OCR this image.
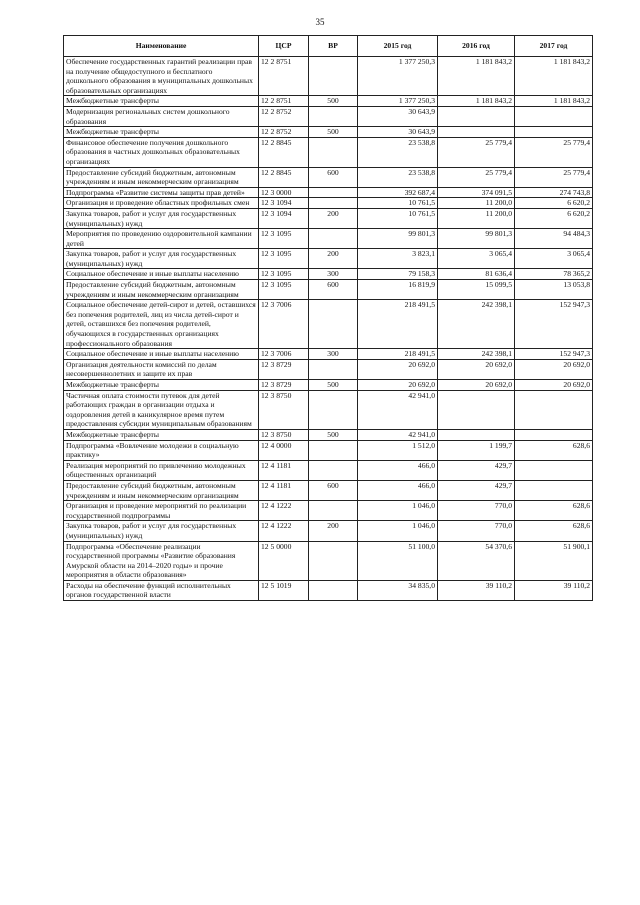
35
Наименование	ЦСР	ВР	2015 год	2016 год	2017 год
Обеспечение государственных гарантий реализации прав на получение общедоступного и бесплатного дошкольного образования в муниципальных дошкольных образовательных организациях	12 2 8751		1 377 250,3	1 181 843,2	1 181 843,2
Межбюджетные трансферты	12 2 8751	500	1 377 250,3	1 181 843,2	1 181 843,2
Модернизация региональных систем дошкольного образования	12 2 8752		30 643,9		
Межбюджетные трансферты	12 2 8752	500	30 643,9		
Финансовое обеспечение получения дошкольного образования в частных дошкольных образовательных организациях	12 2 8845		23 538,8	25 779,4	25 779,4
Предоставление субсидий бюджетным, автономным учреждениям и иным некоммерческим организациям	12 2 8845	600	23 538,8	25 779,4	25 779,4
Подпрограмма «Развитие системы защиты прав детей»	12 3 0000		392 687,4	374 091,5	274 743,8
Организация и проведение областных профильных смен	12 3 1094		10 761,5	11 200,0	6 620,2
Закупка товаров, работ и услуг для государственных (муниципальных) нужд	12 3 1094	200	10 761,5	11 200,0	6 620,2
Мероприятия по проведению оздоровительной кампании детей	12 3 1095		99 801,3	99 801,3	94 484,3
Закупка товаров, работ и услуг для государственных (муниципальных) нужд	12 3 1095	200	3 823,1	3 065,4	3 065,4
Социальное обеспечение и иные выплаты населению	12 3 1095	300	79 158,3	81 636,4	78 365,2
Предоставление субсидий бюджетным, автономным учреждениям и иным некоммерческим организациям	12 3 1095	600	16 819,9	15 099,5	13 053,8
Социальное обеспечение детей-сирот и детей, оставшихся без попечения родителей, лиц из числа детей-сирот и детей, оставшихся без попечения родителей, обучающихся в государственных организациях профессионального образования	12 3 7006		218 491,5	242 398,1	152 947,3
Социальное обеспечение и иные выплаты населению	12 3 7006	300	218 491,5	242 398,1	152 947,3
Организация деятельности комиссий по делам несовершеннолетних и защите их прав	12 3 8729		20 692,0	20 692,0	20 692,0
Межбюджетные трансферты	12 3 8729	500	20 692,0	20 692,0	20 692,0
Частичная оплата стоимости путевок для детей работающих граждан в организации отдыха и оздоровления детей в каникулярное время путем предоставления субсидии муниципальным образованиям	12 3 8750		42 941,0		
Межбюджетные трансферты	12 3 8750	500	42 941,0		
Подпрограмма «Вовлечение молодежи в социальную практику»	12 4 0000		1 512,0	1 199,7	628,6
Реализация мероприятий по привлечению молодежных общественных организаций	12 4 1181		466,0	429,7	
Предоставление субсидий бюджетным, автономным учреждениям и иным некоммерческим организациям	12 4 1181	600	466,0	429,7	
Организация и проведение мероприятий по реализации государственной подпрограммы	12 4 1222		1 046,0	770,0	628,6
Закупка товаров, работ и услуг для государственных (муниципальных) нужд	12 4 1222	200	1 046,0	770,0	628,6
Подпрограмма «Обеспечение реализации государственной программы «Развитие образования Амурской области на 2014–2020 годы» и прочие мероприятия в области образования»	12 5 0000		51 100,0	54 370,6	51 900,1
Расходы на обеспечение функций исполнительных органов государственной власти	12 5 1019		34 835,0	39 110,2	39 110,2
